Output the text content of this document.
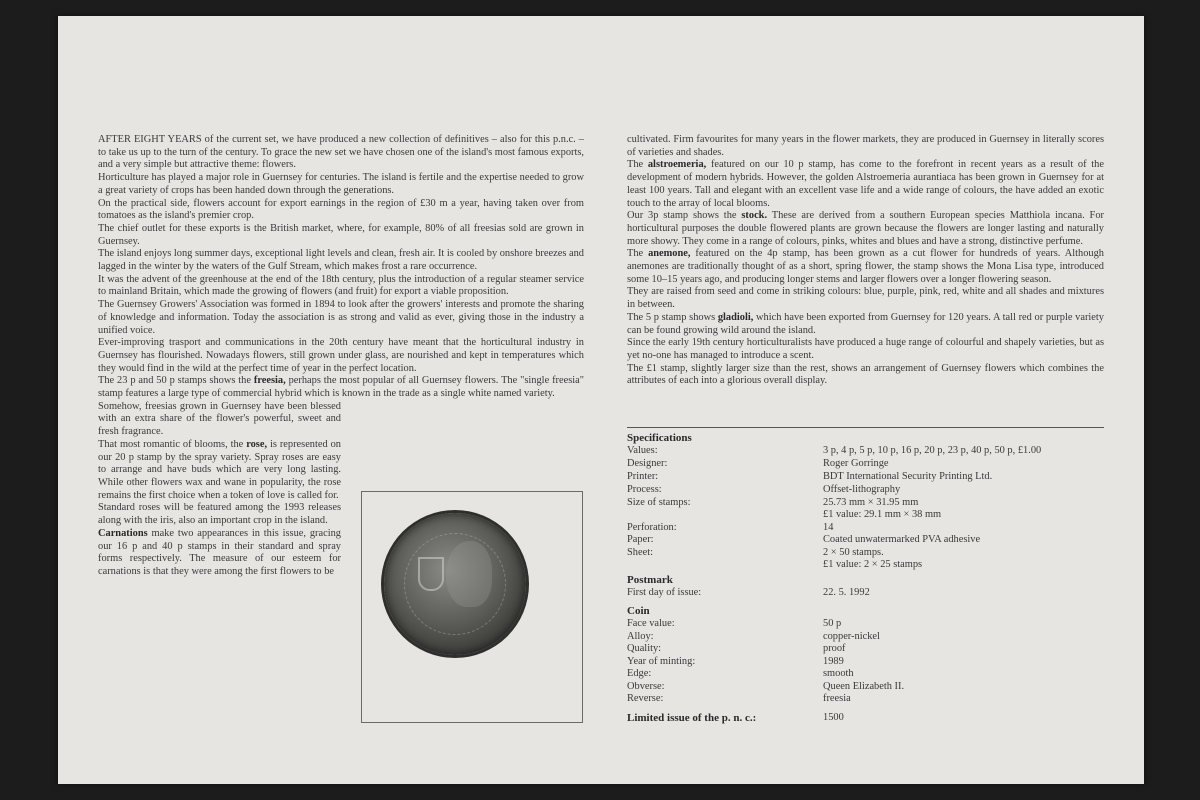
AFTER EIGHT YEARS of the current set, we have produced a new collection of definitives – also for this p.n.c. – to take us up to the turn of the century. To grace the new set we have chosen one of the island's most famous exports, and a very simple but attractive theme: flowers.

Horticulture has played a major role in Guernsey for centuries. The island is fertile and the expertise needed to grow a great variety of crops has been handed down through the generations.

On the practical side, flowers account for export earnings in the region of £30 m a year, having taken over from tomatoes as the island's premier crop.

The chief outlet for these exports is the British market, where, for example, 80% of all freesias sold are grown in Guernsey.

The island enjoys long summer days, exceptional light levels and clean, fresh air. It is cooled by onshore breezes and lagged in the winter by the waters of the Gulf Stream, which makes frost a rare occurrence.

It was the advent of the greenhouse at the end of the 18th century, plus the introduction of a regular steamer service to mainland Britain, which made the growing of flowers (and fruit) for export a viable proposition.

The Guernsey Growers' Association was formed in 1894 to look after the growers' interests and promote the sharing of knowledge and information. Today the association is as strong and valid as ever, giving those in the industry a unified voice.

Ever-improving trasport and communications in the 20th century have meant that the horticultural industry in Guernsey has flourished. Nowadays flowers, still grown under glass, are nourished and kept in temperatures which they would find in the wild at the perfect time of year in the perfect location.

The 23 p and 50 p stamps shows the freesia, perhaps the most popular of all Guernsey flowers. The "single freesia" stamp features a large type of commercial hybrid which is known in the trade as a single white named variety.

Somehow, freesias grown in Guernsey have been blessed with an extra share of the flower's powerful, sweet and fresh fragrance.

That most romantic of blooms, the rose, is represented on our 20 p stamp by the spray variety. Spray roses are easy to arrange and have buds which are very long lasting. While other flowers wax and wane in popularity, the rose remains the first choice when a token of love is called for.

Standard roses will be featured among the 1993 releases along with the iris, also an important crop in the island.

Carnations make two appearances in this issue, gracing our 16 p and 40 p stamps in their standard and spray forms respectively. The measure of our esteem for carnations is that they were among the first flowers to be

cultivated. Firm favourites for many years in the flower markets, they are produced in Guernsey in literally scores of varieties and shades.

The alstroemeria, featured on our 10 p stamp, has come to the forefront in recent years as a result of the development of modern hybrids. However, the golden Alstroemeria aurantiaca has been grown in Guernsey for at least 100 years. Tall and elegant with an excellent vase life and a wide range of colours, the have added an exotic touch to the array of local blooms.

Our 3p stamp shows the stock. These are derived from a southern European species Matthiola incana. For horticultural purposes the double flowered plants are grown because the flowers are longer lasting and naturally more showy. They come in a range of colours, pinks, whites and blues and have a strong, distinctive perfume.

The anemone, featured on the 4p stamp, has been grown as a cut flower for hundreds of years. Although anemones are traditionally thought of as a short, spring flower, the stamp shows the Mona Lisa type, introduced some 10–15 years ago, and producing longer stems and larger flowers over a longer flowering season.

They are raised from seed and come in striking colours: blue, purple, pink, red, white and all shades and mixtures in between.

The 5 p stamp shows gladioli, which have been exported from Guernsey for 120 years. A tall red or purple variety can be found growing wild around the island.

Since the early 19th century horticulturalists have produced a huge range of colourful and shapely varieties, but as yet no-one has managed to introduce a scent.

The £1 stamp, slightly larger size than the rest, shows an arrangement of Guernsey flowers which combines the attributes of each into a glorious overall display.

Specifications
Values:	3 p, 4 p, 5 p, 10 p, 16 p, 20 p, 23 p, 40 p, 50 p, £1.00
Designer:	Roger Gorringe
Printer:	BDT International Security Printing Ltd.
Process:	Offset-lithography
Size of stamps:	25.73 mm × 31.95 mm
£1 value: 29.1 mm × 38 mm
Perforation:	14
Paper:	Coated unwatermarked PVA adhesive
Sheet:	2 × 50 stamps.
£1 value: 2 × 25 stamps
Postmark
First day of issue:	22. 5. 1992
Coin
Face value:	50 p
Alloy:	copper-nickel
Quality:	proof
Year of minting:	1989
Edge:	smooth
Obverse:	Queen Elizabeth II.
Reverse:	freesia
Limited issue of the p. n. c.:	1500
